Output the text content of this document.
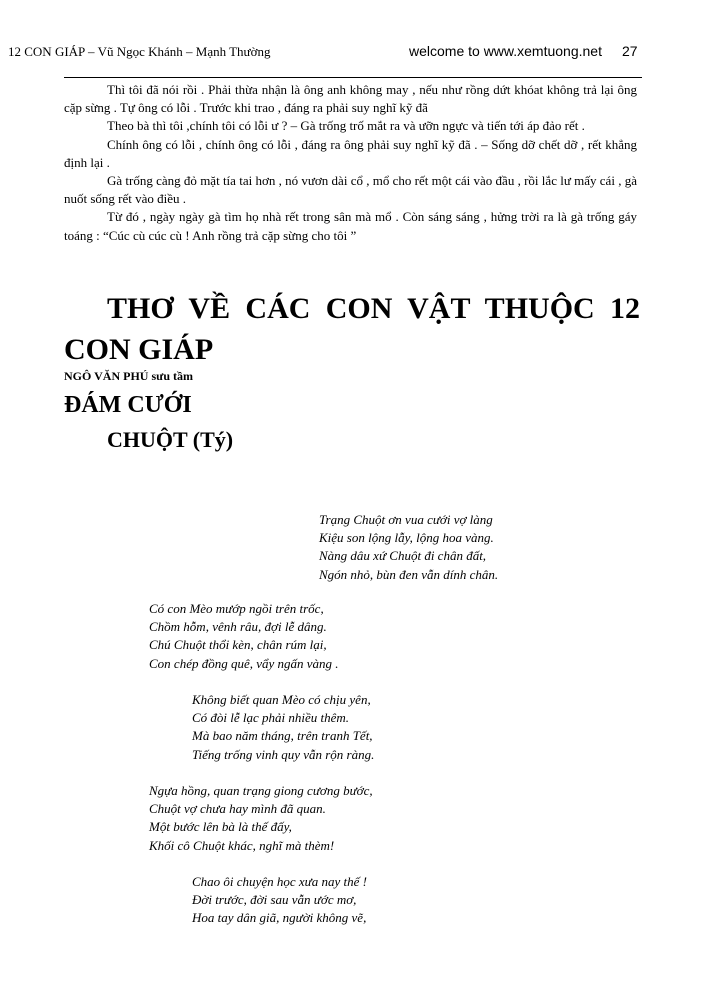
12 CON GIÁP – Vũ Ngọc Khánh – Mạnh Thường	welcome to www.xemtuong.net 27

Thì tôi đã nói rồi . Phải thừa nhận là ông anh không may , nếu như rồng dứt khóat không trả lại ông cặp sừng . Tự ông có lỗi . Trước khi trao , đáng ra phải suy nghĩ kỹ đã

Theo bà thì tôi ,chính tôi có lỗi ư ? – Gà trống trố mắt ra và ưỡn ngực và tiến tới áp đảo rết .

Chính ông có lỗi , chính ông có lỗi , đáng ra ông phải suy nghĩ kỹ đã . – Sống dỡ chết dỡ , rết khẳng định lại .

Gà trống càng đỏ mặt tía tai hơn , nó vươn dài cổ , mổ cho rết một cái vào đầu , rồi lắc lư mấy cái , gà nuốt sống rết vào điều .

Từ đó , ngày ngày gà tìm họ nhà rết trong sân mà mổ . Còn sáng sáng , hửng trời ra là gà trống gáy toáng : “Cúc cù cúc cù ! Anh rồng trả cặp sừng cho tôi ”

THƠ VỀ CÁC CON VẬT THUỘC 12 CON GIÁP
NGÔ VĂN PHÚ sưu tầm
ĐÁM CƯỚI
CHUỘT (Tý)
Trạng Chuột ơn vua cưới vợ làng
Kiệu son lộng lẫy, lộng hoa vàng.
Nàng dâu xứ Chuột đi chân đất,
Ngón nhỏ, bùn đen vẫn dính chân.
Có con Mèo mướp ngồi trên trốc,
Chồm hỗm, vênh râu, đợi lễ dâng.
Chú Chuột thổi kèn, chân rúm lại,
Con chép đồng quê, vẩy ngấn vàng .
Không biết quan Mèo có chịu yên,
Có đòi lễ lạc phải nhiều thêm.
Mà bao năm tháng, trên tranh Tết,
Tiếng trống vinh quy vẫn rộn ràng.
Ngựa hồng, quan trạng giong cương bước,
Chuột vợ chưa hay mình đã quan.
Một bước lên bà là thế đấy,
Khối cô Chuột khác, nghĩ mà thèm!
Chao ôi chuyện học xưa nay thế !
Đời trước, đời sau vẫn ước mơ,
Hoa tay dân giã, người không vẽ,
